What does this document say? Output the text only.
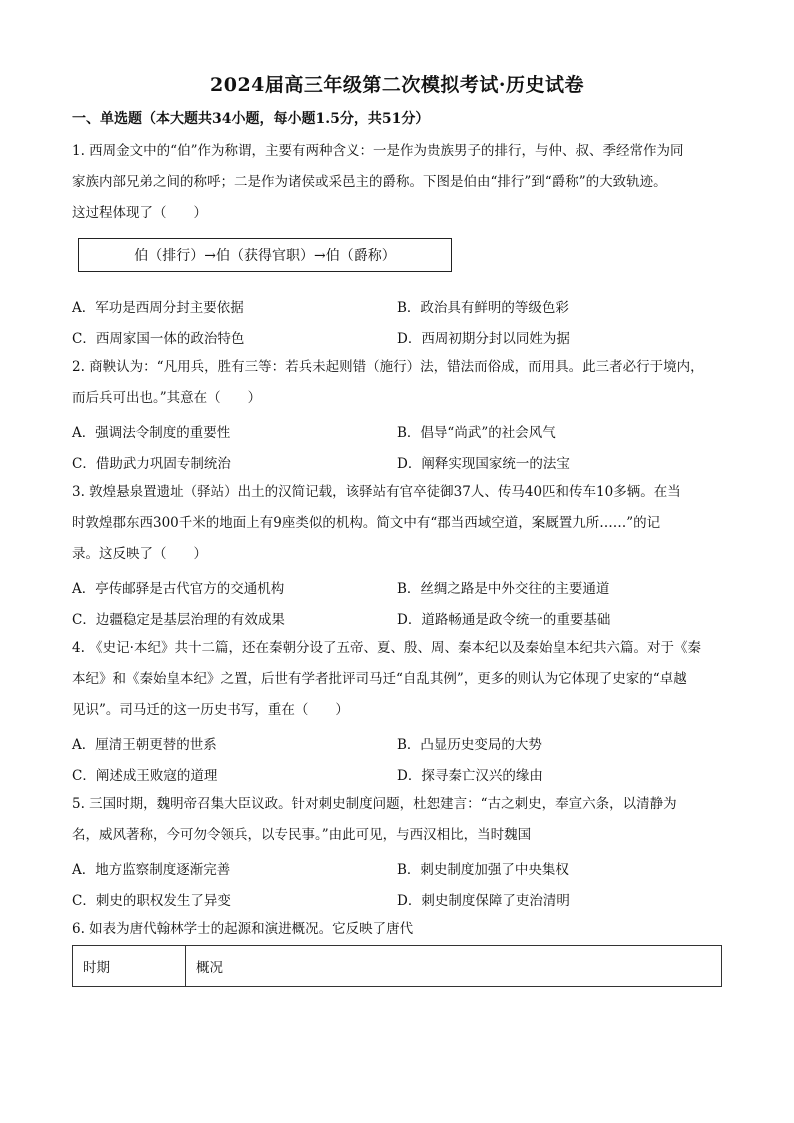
2024届高三年级第二次模拟考试·历史试卷
一、单选题（本大题共34小题，每小题1.5分，共51分）

1. 西周金文中的“伯”作为称谓，主要有两种含义：一是作为贵族男子的排行，与仲、叔、季经常作为同

家族内部兄弟之间的称呼；二是作为诸侯或采邑主的爵称。下图是伯由“排行”到“爵称”的大致轨迹。

这过程体现了（　　）

伯（排行）→伯（获得官职）→伯（爵称）
A．军功是西周分封主要依据	B．政治具有鲜明的等级色彩
C．西周家国一体的政治特色	D．西周初期分封以同姓为据

2. 商鞅认为：“凡用兵，胜有三等：若兵未起则错（施行）法，错法而俗成，而用具。此三者必行于境内，

而后兵可出也。”其意在（　　）

A．强调法令制度的重要性	B．倡导“尚武”的社会风气
C．借助武力巩固专制统治	D．阐释实现国家统一的法宝

3. 敦煌悬泉置遗址（驿站）出土的汉简记载，该驿站有官卒徒御37人、传马40匹和传车10多辆。在当

时敦煌郡东西300千米的地面上有9座类似的机构。简文中有“郡当西域空道，案厩置九所……”的记

录。这反映了（　　）

A．亭传邮驿是古代官方的交通机构	B．丝绸之路是中外交往的主要通道
C．边疆稳定是基层治理的有效成果	D．道路畅通是政令统一的重要基础

4. 《史记·本纪》共十二篇，还在秦朝分设了五帝、夏、殷、周、秦本纪以及秦始皇本纪共六篇。对于《秦

本纪》和《秦始皇本纪》之置，后世有学者批评司马迁“自乱其例”，更多的则认为它体现了史家的“卓越

见识”。司马迁的这一历史书写，重在（　　）

A．厘清王朝更替的世系	B．凸显历史变局的大势
C．阐述成王败寇的道理	D．探寻秦亡汉兴的缘由

5. 三国时期，魏明帝召集大臣议政。针对刺史制度问题，杜恕建言：“古之刺史，奉宣六条，以清静为

名，威风著称，今可勿令领兵，以专民事。”由此可见，与西汉相比，当时魏国

A．地方监察制度逐渐完善	B．刺史制度加强了中央集权
C．刺史的职权发生了异变	D．刺史制度保障了吏治清明

6. 如表为唐代翰林学士的起源和演进概况。它反映了唐代

时期	概况
